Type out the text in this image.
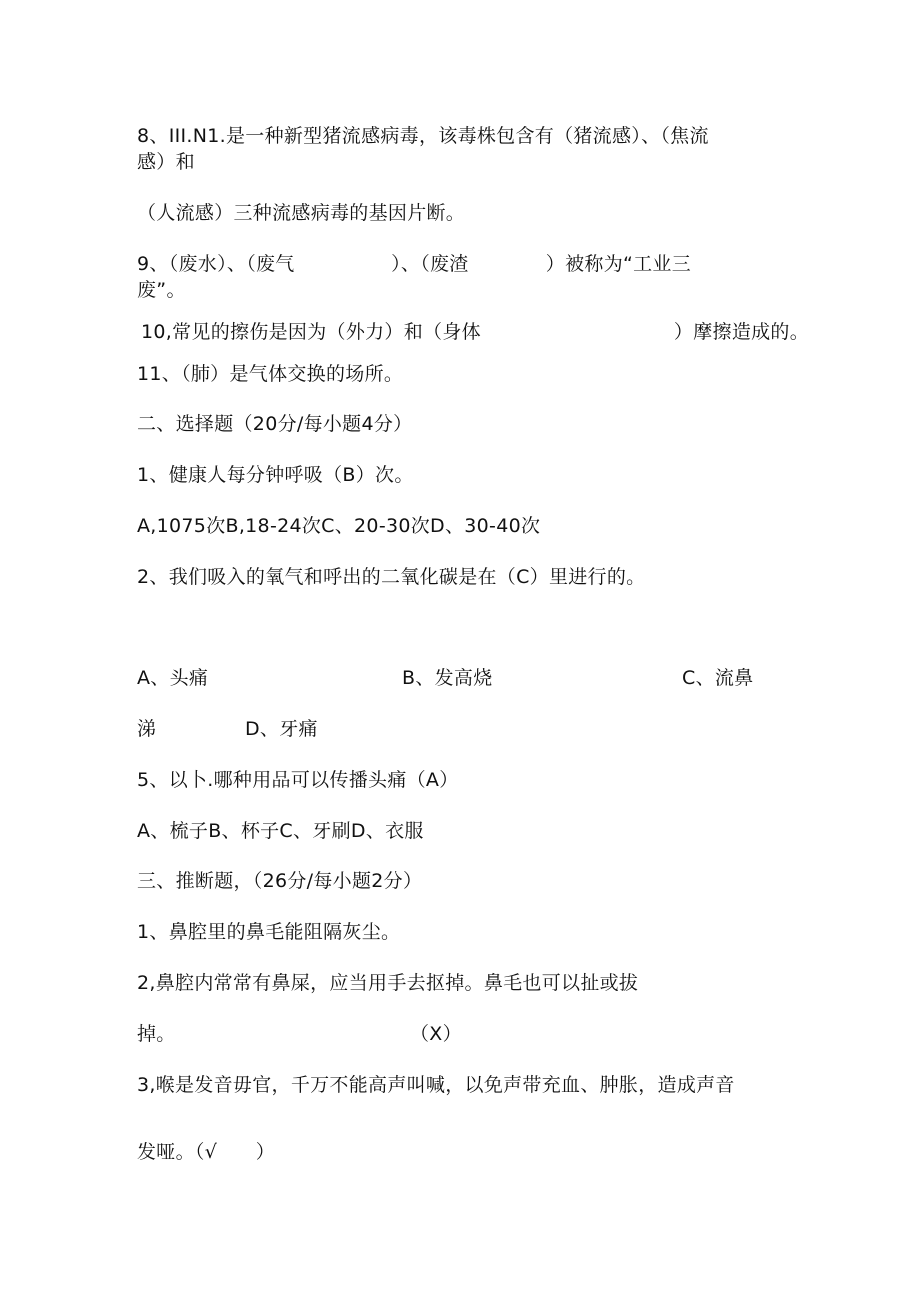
8、III.N1.是一种新型猪流感病毒，该毒株包含有（猪流感）、（焦流
感）和
（人流感）三种流感病毒的基因片断。
9、（废水）、（废气　　　　　）、（废渣　　　　）被称为“工业三
废”。
10,常见的擦伤是因为（外力）和（身体　　　　　　　　　　）摩擦造成的。
11、（肺）是气体交换的场所。
二、选择题（20分/每小题4分）
1、健康人每分钟呼吸（B）次。
A,1075次B,18-24次C、20-30次D、30-40次
2、我们吸入的氧气和呼出的二氧化碳是在（C）里进行的。
A、头痛	B、发高烧	C、流鼻
涕	D、牙痛
5、以卜.哪种用品可以传播头痛（A）
A、梳子B、杯子C、牙刷D、衣服
三、推断题，（26分/每小题2分）
1、鼻腔里的鼻毛能阻隔灰尘。
2,鼻腔内常常有鼻屎，应当用手去抠掉。鼻毛也可以扯或拔
掉。	（X）
3,喉是发音毋官，千万不能高声叫喊，以免声带充血、肿胀，造成声音
发哑。（√　　）
